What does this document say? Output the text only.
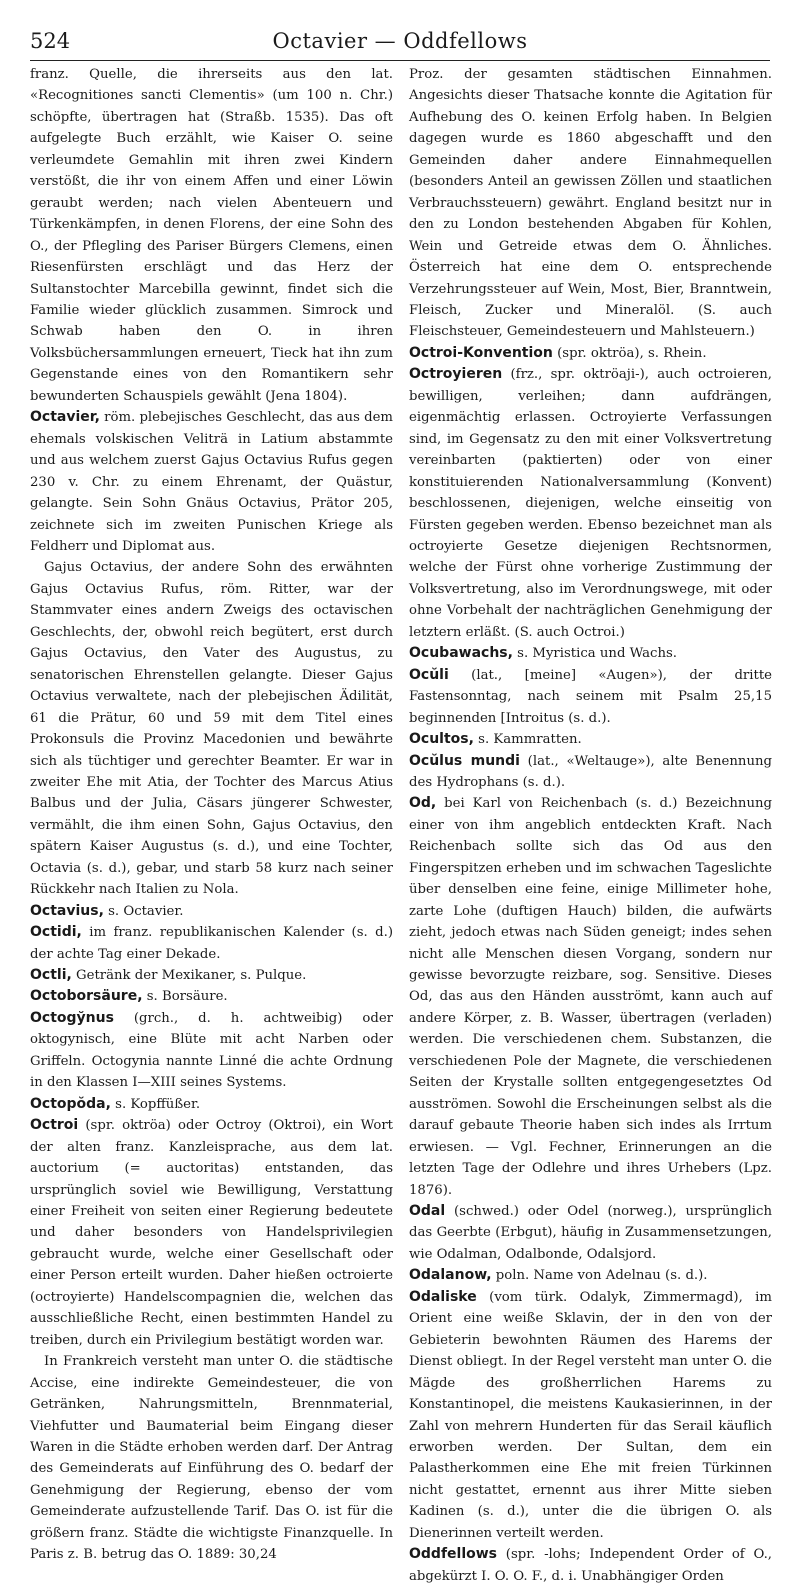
524	Octavier — Oddfellows

franz. Quelle, die ihrerseits aus den lat. «Recognitiones sancti Clementis» (um 100 n. Chr.) schöpfte, übertragen hat (Straßb. 1535). Das oft aufgelegte Buch erzählt, wie Kaiser O. seine verleumdete Gemahlin mit ihren zwei Kindern verstößt, die ihr von einem Affen und einer Löwin geraubt werden; nach vielen Abenteuern und Türkenkämpfen, in denen Florens, der eine Sohn des O., der Pflegling des Pariser Bürgers Clemens, einen Riesenfürsten erschlägt und das Herz der Sultanstochter Marcebilla gewinnt, findet sich die Familie wieder glücklich zusammen. Simrock und Schwab haben den O. in ihren Volksbüchersammlungen erneuert, Tieck hat ihn zum Gegenstande eines von den Romantikern sehr bewunderten Schauspiels gewählt (Jena 1804).

Octavier, röm. plebejisches Geschlecht, das aus dem ehemals volskischen Veliträ in Latium abstammte und aus welchem zuerst Gajus Octavius Rufus gegen 230 v. Chr. zu einem Ehrenamt, der Quästur, gelangte. Sein Sohn Gnäus Octavius, Prätor 205, zeichnete sich im zweiten Punischen Kriege als Feldherr und Diplomat aus.

Gajus Octavius, der andere Sohn des erwähnten Gajus Octavius Rufus, röm. Ritter, war der Stammvater eines andern Zweigs des octavischen Geschlechts, der, obwohl reich begütert, erst durch Gajus Octavius, den Vater des Augustus, zu senatorischen Ehrenstellen gelangte. Dieser Gajus Octavius verwaltete, nach der plebejischen Ädilität, 61 die Prätur, 60 und 59 mit dem Titel eines Prokonsuls die Provinz Macedonien und bewährte sich als tüchtiger und gerechter Beamter. Er war in zweiter Ehe mit Atia, der Tochter des Marcus Atius Balbus und der Julia, Cäsars jüngerer Schwester, vermählt, die ihm einen Sohn, Gajus Octavius, den spätern Kaiser Augustus (s. d.), und eine Tochter, Octavia (s. d.), gebar, und starb 58 kurz nach seiner Rückkehr nach Italien zu Nola.

Octavius, s. Octavier.

Octidi, im franz. republikanischen Kalender (s. d.) der achte Tag einer Dekade.

Octli, Getränk der Mexikaner, s. Pulque.

Octoborsäure, s. Borsäure.

Octogy̆nus (grch., d. h. achtweibig) oder oktogynisch, eine Blüte mit acht Narben oder Griffeln. Octogynia nannte Linné die achte Ordnung in den Klassen I—XIII seines Systems.

Octopŏda, s. Kopffüßer.

Octroi (spr. oktröa) oder Octroy (Oktroi), ein Wort der alten franz. Kanzleisprache, aus dem lat. auctorium (= auctoritas) entstanden, das ursprünglich soviel wie Bewilligung, Verstattung einer Freiheit von seiten einer Regierung bedeutete und daher besonders von Handelsprivilegien gebraucht wurde, welche einer Gesellschaft oder einer Person erteilt wurden. Daher hießen octroierte (octroyierte) Handelscompagnien die, welchen das ausschließliche Recht, einen bestimmten Handel zu treiben, durch ein Privilegium bestätigt worden war.

In Frankreich versteht man unter O. die städtische Accise, eine indirekte Gemeindesteuer, die von Getränken, Nahrungsmitteln, Brennmaterial, Viehfutter und Baumaterial beim Eingang dieser Waren in die Städte erhoben werden darf. Der Antrag des Gemeinderats auf Einführung des O. bedarf der Genehmigung der Regierung, ebenso der vom Gemeinderate aufzustellende Tarif. Das O. ist für die größern franz. Städte die wichtigste Finanzquelle. In Paris z. B. betrug das O. 1889: 30,24

Proz. der gesamten städtischen Einnahmen. Angesichts dieser Thatsache konnte die Agitation für Aufhebung des O. keinen Erfolg haben. In Belgien dagegen wurde es 1860 abgeschafft und den Gemeinden daher andere Einnahmequellen (besonders Anteil an gewissen Zöllen und staatlichen Verbrauchssteuern) gewährt. England besitzt nur in den zu London bestehenden Abgaben für Kohlen, Wein und Getreide etwas dem O. Ähnliches. Österreich hat eine dem O. entsprechende Verzehrungssteuer auf Wein, Most, Bier, Branntwein, Fleisch, Zucker und Mineralöl. (S. auch Fleischsteuer, Gemeindesteuern und Mahlsteuern.)

Octroi-Konvention (spr. oktröa), s. Rhein.

Octroyieren (frz., spr. oktröaji-), auch octroieren, bewilligen, verleihen; dann aufdrängen, eigenmächtig erlassen. Octroyierte Verfassungen sind, im Gegensatz zu den mit einer Volksvertretung vereinbarten (paktierten) oder von einer konstituierenden Nationalversammlung (Konvent) beschlossenen, diejenigen, welche einseitig von Fürsten gegeben werden. Ebenso bezeichnet man als octroyierte Gesetze diejenigen Rechtsnormen, welche der Fürst ohne vorherige Zustimmung der Volksvertretung, also im Verordnungswege, mit oder ohne Vorbehalt der nachträglichen Genehmigung der letztern erläßt. (S. auch Octroi.)

Ocubawachs, s. Myristica und Wachs.

Ocŭli (lat., [meine] «Augen»), der dritte Fastensonntag, nach seinem mit Psalm 25,15 beginnenden [Introitus (s. d.).

Ocultos, s. Kammratten.

Ocŭlus mundi (lat., «Weltauge»), alte Benennung des Hydrophans (s. d.).

Od, bei Karl von Reichenbach (s. d.) Bezeichnung einer von ihm angeblich entdeckten Kraft. Nach Reichenbach sollte sich das Od aus den Fingerspitzen erheben und im schwachen Tageslichte über denselben eine feine, einige Millimeter hohe, zarte Lohe (duftigen Hauch) bilden, die aufwärts zieht, jedoch etwas nach Süden geneigt; indes sehen nicht alle Menschen diesen Vorgang, sondern nur gewisse bevorzugte reizbare, sog. Sensitive. Dieses Od, das aus den Händen ausströmt, kann auch auf andere Körper, z. B. Wasser, übertragen (verladen) werden. Die verschiedenen chem. Substanzen, die verschiedenen Pole der Magnete, die verschiedenen Seiten der Krystalle sollten entgegengesetztes Od ausströmen. Sowohl die Erscheinungen selbst als die darauf gebaute Theorie haben sich indes als Irrtum erwiesen. — Vgl. Fechner, Erinnerungen an die letzten Tage der Odlehre und ihres Urhebers (Lpz. 1876).

Odal (schwed.) oder Odel (norweg.), ursprünglich das Geerbte (Erbgut), häufig in Zusammensetzungen, wie Odalman, Odalbonde, Odalsjord.

Odalanow, poln. Name von Adelnau (s. d.).

Odaliske (vom türk. Odalyk, Zimmermagd), im Orient eine weiße Sklavin, der in den von der Gebieterin bewohnten Räumen des Harems der Dienst obliegt. In der Regel versteht man unter O. die Mägde des großherrlichen Harems zu Konstantinopel, die meistens Kaukasierinnen, in der Zahl von mehrern Hunderten für das Serail käuflich erworben werden. Der Sultan, dem ein Palastherkommen eine Ehe mit freien Türkinnen nicht gestattet, ernennt aus ihrer Mitte sieben Kadinen (s. d.), unter die die übrigen O. als Dienerinnen verteilt werden.

Oddfellows (spr. -lohs; Independent Order of O., abgekürzt I. O. O. F., d. i. Unabhängiger Orden
